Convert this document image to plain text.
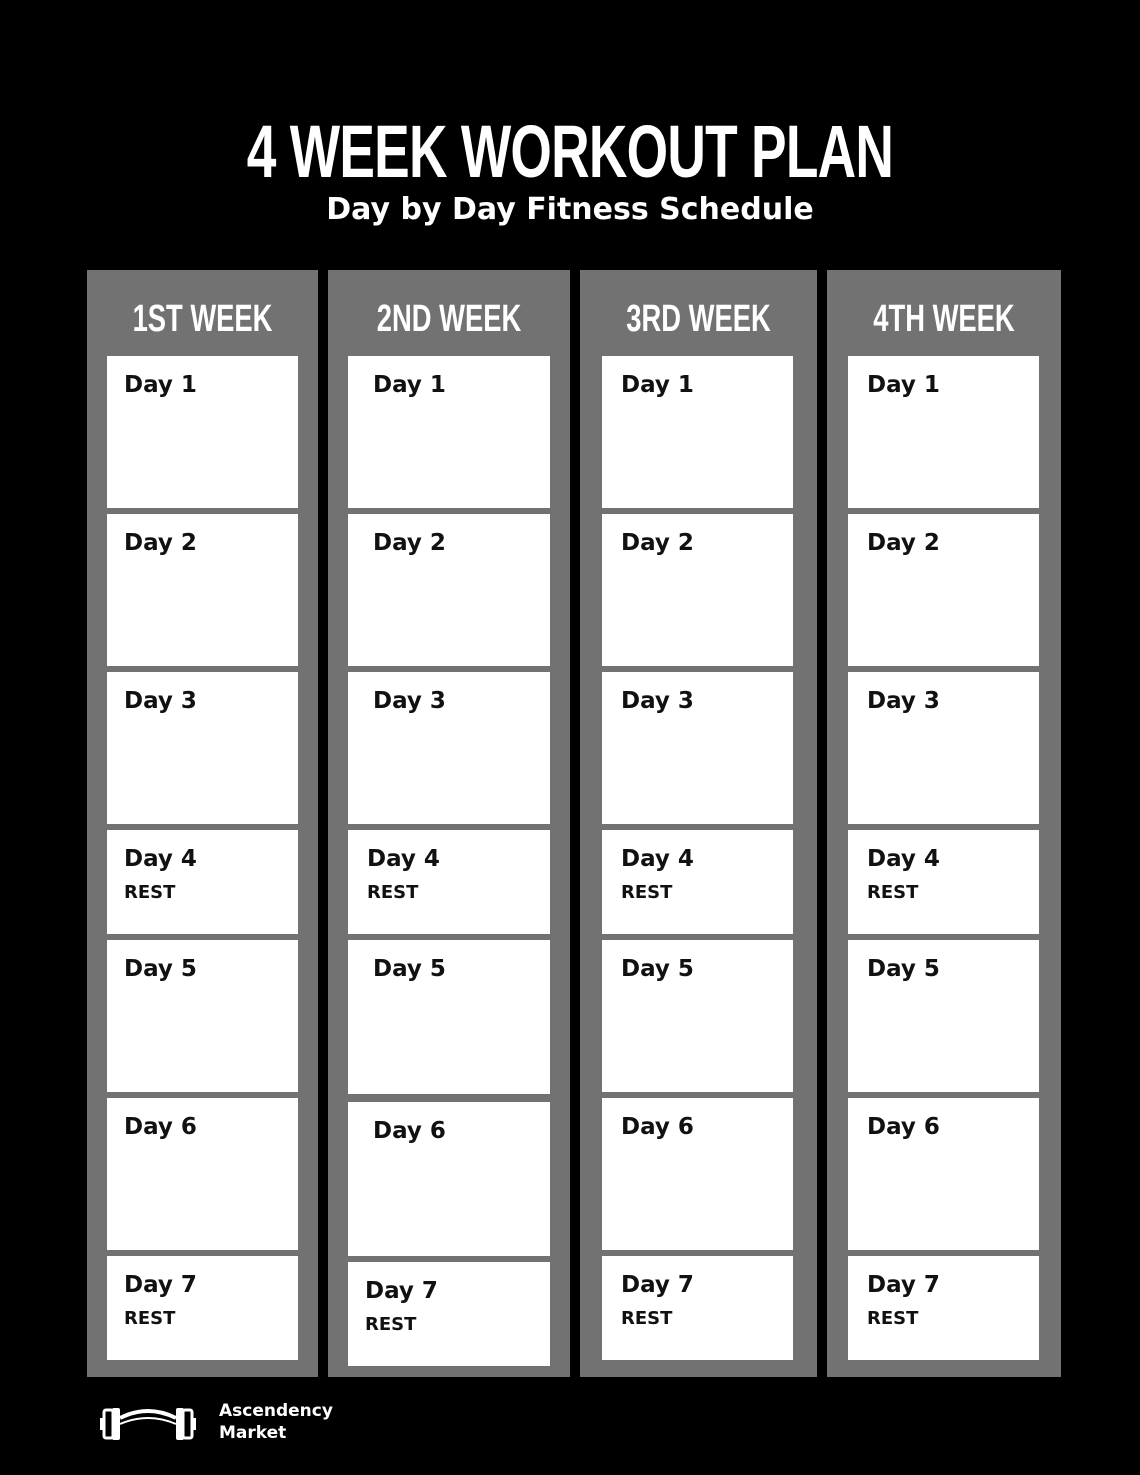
4 WEEK WORKOUT PLAN
Day by Day Fitness Schedule
1ST WEEK
Day 1
Day 2
Day 3
Day 4
REST
Day 5
Day 6
Day 7
REST
2ND WEEK
Day 1
Day 2
Day 3
Day 4
REST
Day 5
Day 6
Day 7
REST
3RD WEEK
Day 1
Day 2
Day 3
Day 4
REST
Day 5
Day 6
Day 7
REST
4TH WEEK
Day 1
Day 2
Day 3
Day 4
REST
Day 5
Day 6
Day 7
REST
Ascendency
Market
